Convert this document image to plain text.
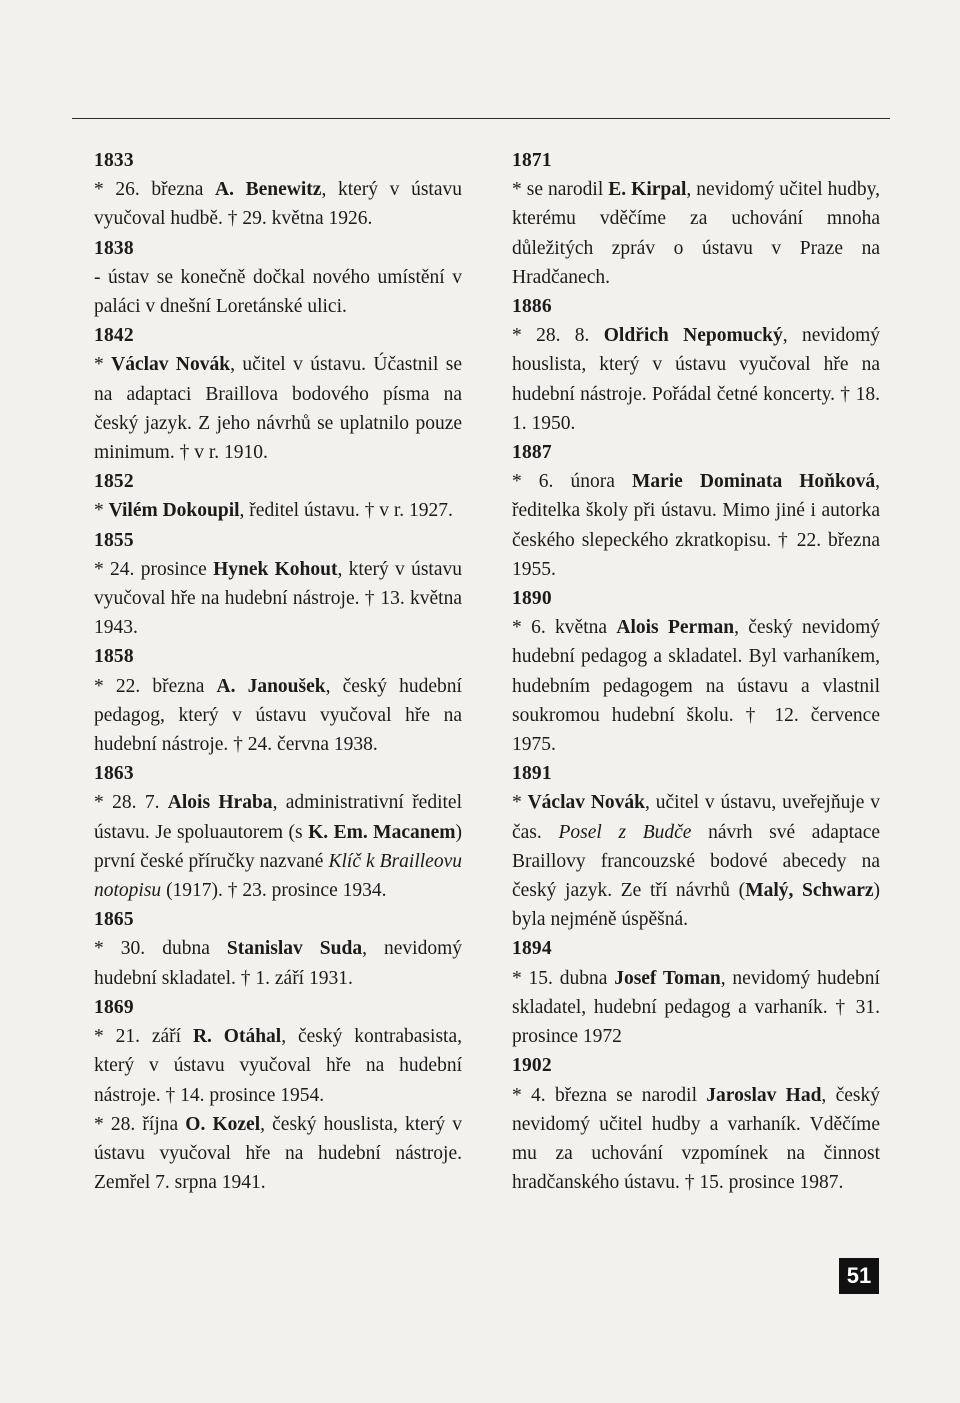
1833

* 26. března A. Benewitz, který v ústavu vyučoval hudbě. † 29. května 1926.

1838

- ústav se konečně dočkal nového umístění v paláci v dnešní Loretánské ulici.

1842

* Václav Novák, učitel v ústavu. Účastnil se na adaptaci Braillova bodového písma na český jazyk. Z jeho návrhů se uplatnilo pouze minimum. † v r. 1910.

1852

* Vilém Dokoupil, ředitel ústavu. † v r. 1927.

1855

* 24. prosince Hynek Kohout, který v ústavu vyučoval hře na hudební nástroje. † 13. května 1943.

1858

* 22. března A. Janoušek, český hudební pedagog, který v ústavu vyučoval hře na hudební nástroje. † 24. června 1938.

1863

* 28. 7. Alois Hraba, administrativní ředitel ústavu. Je spoluautorem (s K. Em. Macanem) první české příručky nazvané Klíč k Brailleovu notopisu (1917). † 23. prosince 1934.

1865

* 30. dubna Stanislav Suda, nevidomý hudební skladatel. † 1. září 1931.

1869

* 21. září R. Otáhal, český kontrabasista, který v ústavu vyučoval hře na hudební nástroje. † 14. prosince 1954.

* 28. října O. Kozel, český houslista, který v ústavu vyučoval hře na hudební nástroje. Zemřel 7. srpna 1941.

1871

* se narodil E. Kirpal, nevidomý učitel hudby, kterému vděčíme za uchování mnoha důležitých zpráv o ústavu v Praze na Hradčanech.

1886

* 28. 8. Oldřich Nepomucký, nevidomý houslista, který v ústavu vyučoval hře na hudební nástroje. Pořádal četné koncerty. † 18. 1. 1950.

1887

* 6. února Marie Dominata Hoňková, ředitelka školy při ústavu. Mimo jiné i autorka českého slepeckého zkratkopisu. † 22. března 1955.

1890

* 6. května Alois Perman, český nevidomý hudební pedagog a skladatel. Byl varhaníkem, hudebním pedagogem na ústavu a vlastnil soukromou hudební školu. † 12. července 1975.

1891

* Václav Novák, učitel v ústavu, uveřejňuje v čas. Posel z Budče návrh své adaptace Braillovy francouzské bodové abecedy na český jazyk. Ze tří návrhů (Malý, Schwarz) byla nejméně úspěšná.

1894

* 15. dubna Josef Toman, nevidomý hudební skladatel, hudební pedagog a varhaník. † 31. prosince 1972

1902

* 4. března se narodil Jaroslav Had, český nevidomý učitel hudby a varhaník. Vděčíme mu za uchování vzpomínek na činnost hradčanského ústavu. † 15. prosince 1987.

51
